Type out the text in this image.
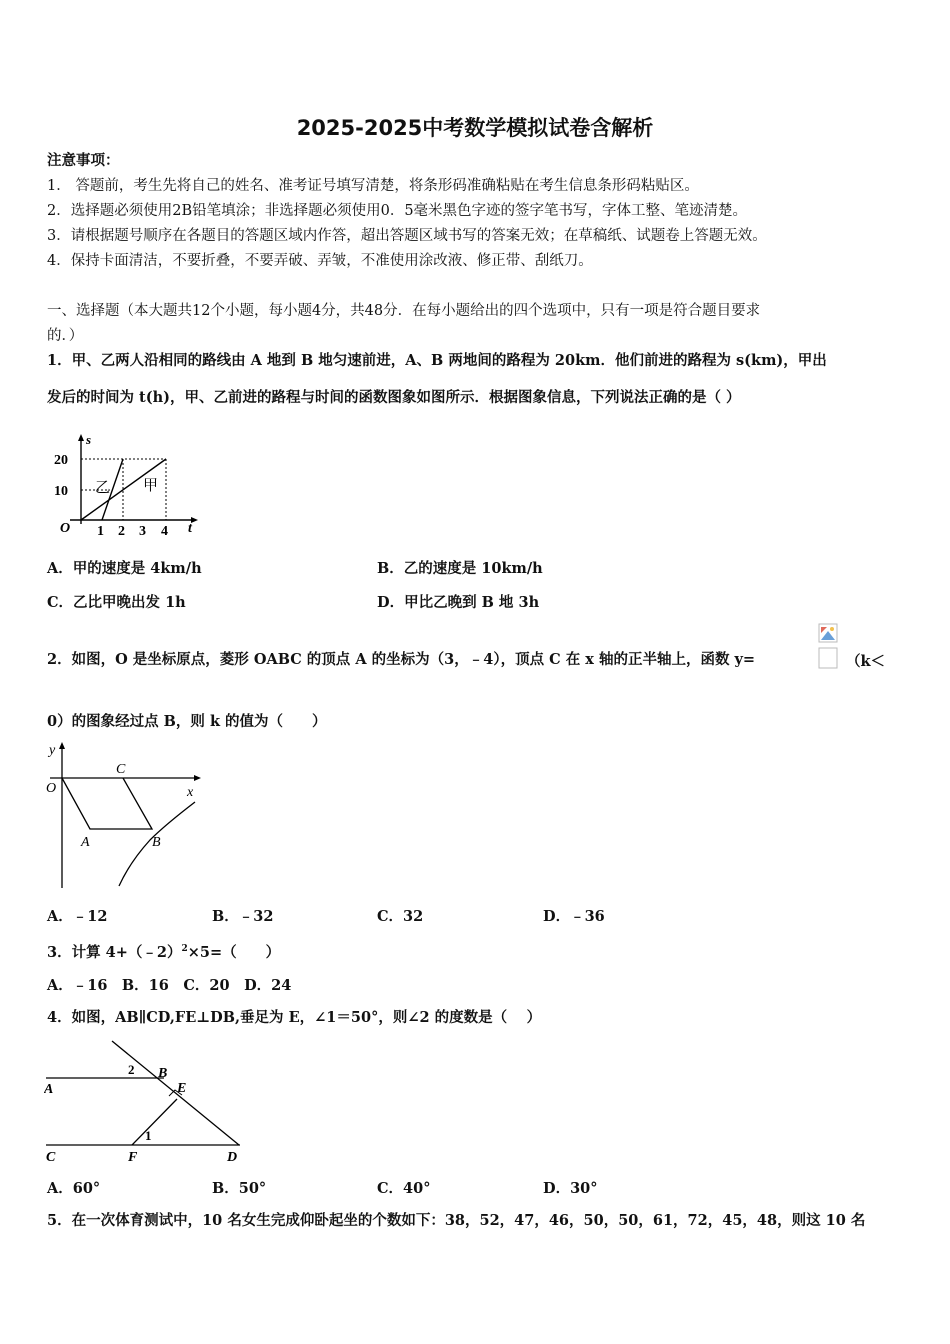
2025-2025中考数学模拟试卷含解析
注意事项：
1． 答题前，考生先将自己的姓名、准考证号填写清楚，将条形码准确粘贴在考生信息条形码粘贴区。
2．选择题必须使用2B铅笔填涂；非选择题必须使用0．5毫米黑色字迹的签字笔书写，字体工整、笔迹清楚。
3．请根据题号顺序在各题目的答题区域内作答，超出答题区域书写的答案无效；在草稿纸、试题卷上答题无效。
4．保持卡面清洁，不要折叠，不要弄破、弄皱，不准使用涂改液、修正带、刮纸刀。
一、选择题（本大题共12个小题，每小题4分，共48分．在每小题给出的四个选项中，只有一项是符合题目要求
的．）
1．甲、乙两人沿相同的路线由 A 地到 B 地匀速前进，A、B 两地间的路程为 20km．他们前进的路程为 s(km)，甲出
发后的时间为 t(h)，甲、乙前进的路程与时间的函数图象如图所示．根据图象信息，下列说法正确的是（ ）
s
t
O
20
10
1 2 3 4
乙 甲
A．甲的速度是 4km/h	B．乙的速度是 10km/h
C．乙比甲晚出发 1h	D．甲比乙晚到 B 地 3h
2．如图，O 是坐标原点，菱形 OABC 的顶点 A 的坐标为（3，﹣4），顶点 C 在 x 轴的正半轴上，函数 y=	（k＜
0）的图象经过点 B，则 k 的值为（　　）
y
x
O
A	B
C
A．﹣12	B．﹣32	C．32	D．﹣36
3．计算 4+（﹣2）$^2$×5=（　　）
A．﹣16　B．16　C．20　D．24
4．如图，AB∥CD,FE⊥DB,垂足为 E，∠1＝50°，则∠2 的度数是（　 ）
A
B
C	D
E
F
1
2
A．60°	B．50°	C．40°	D．30°
5．在一次体育测试中，10 名女生完成仰卧起坐的个数如下：38，52，47，46，50，50，61，72，45，48，则这 10 名
